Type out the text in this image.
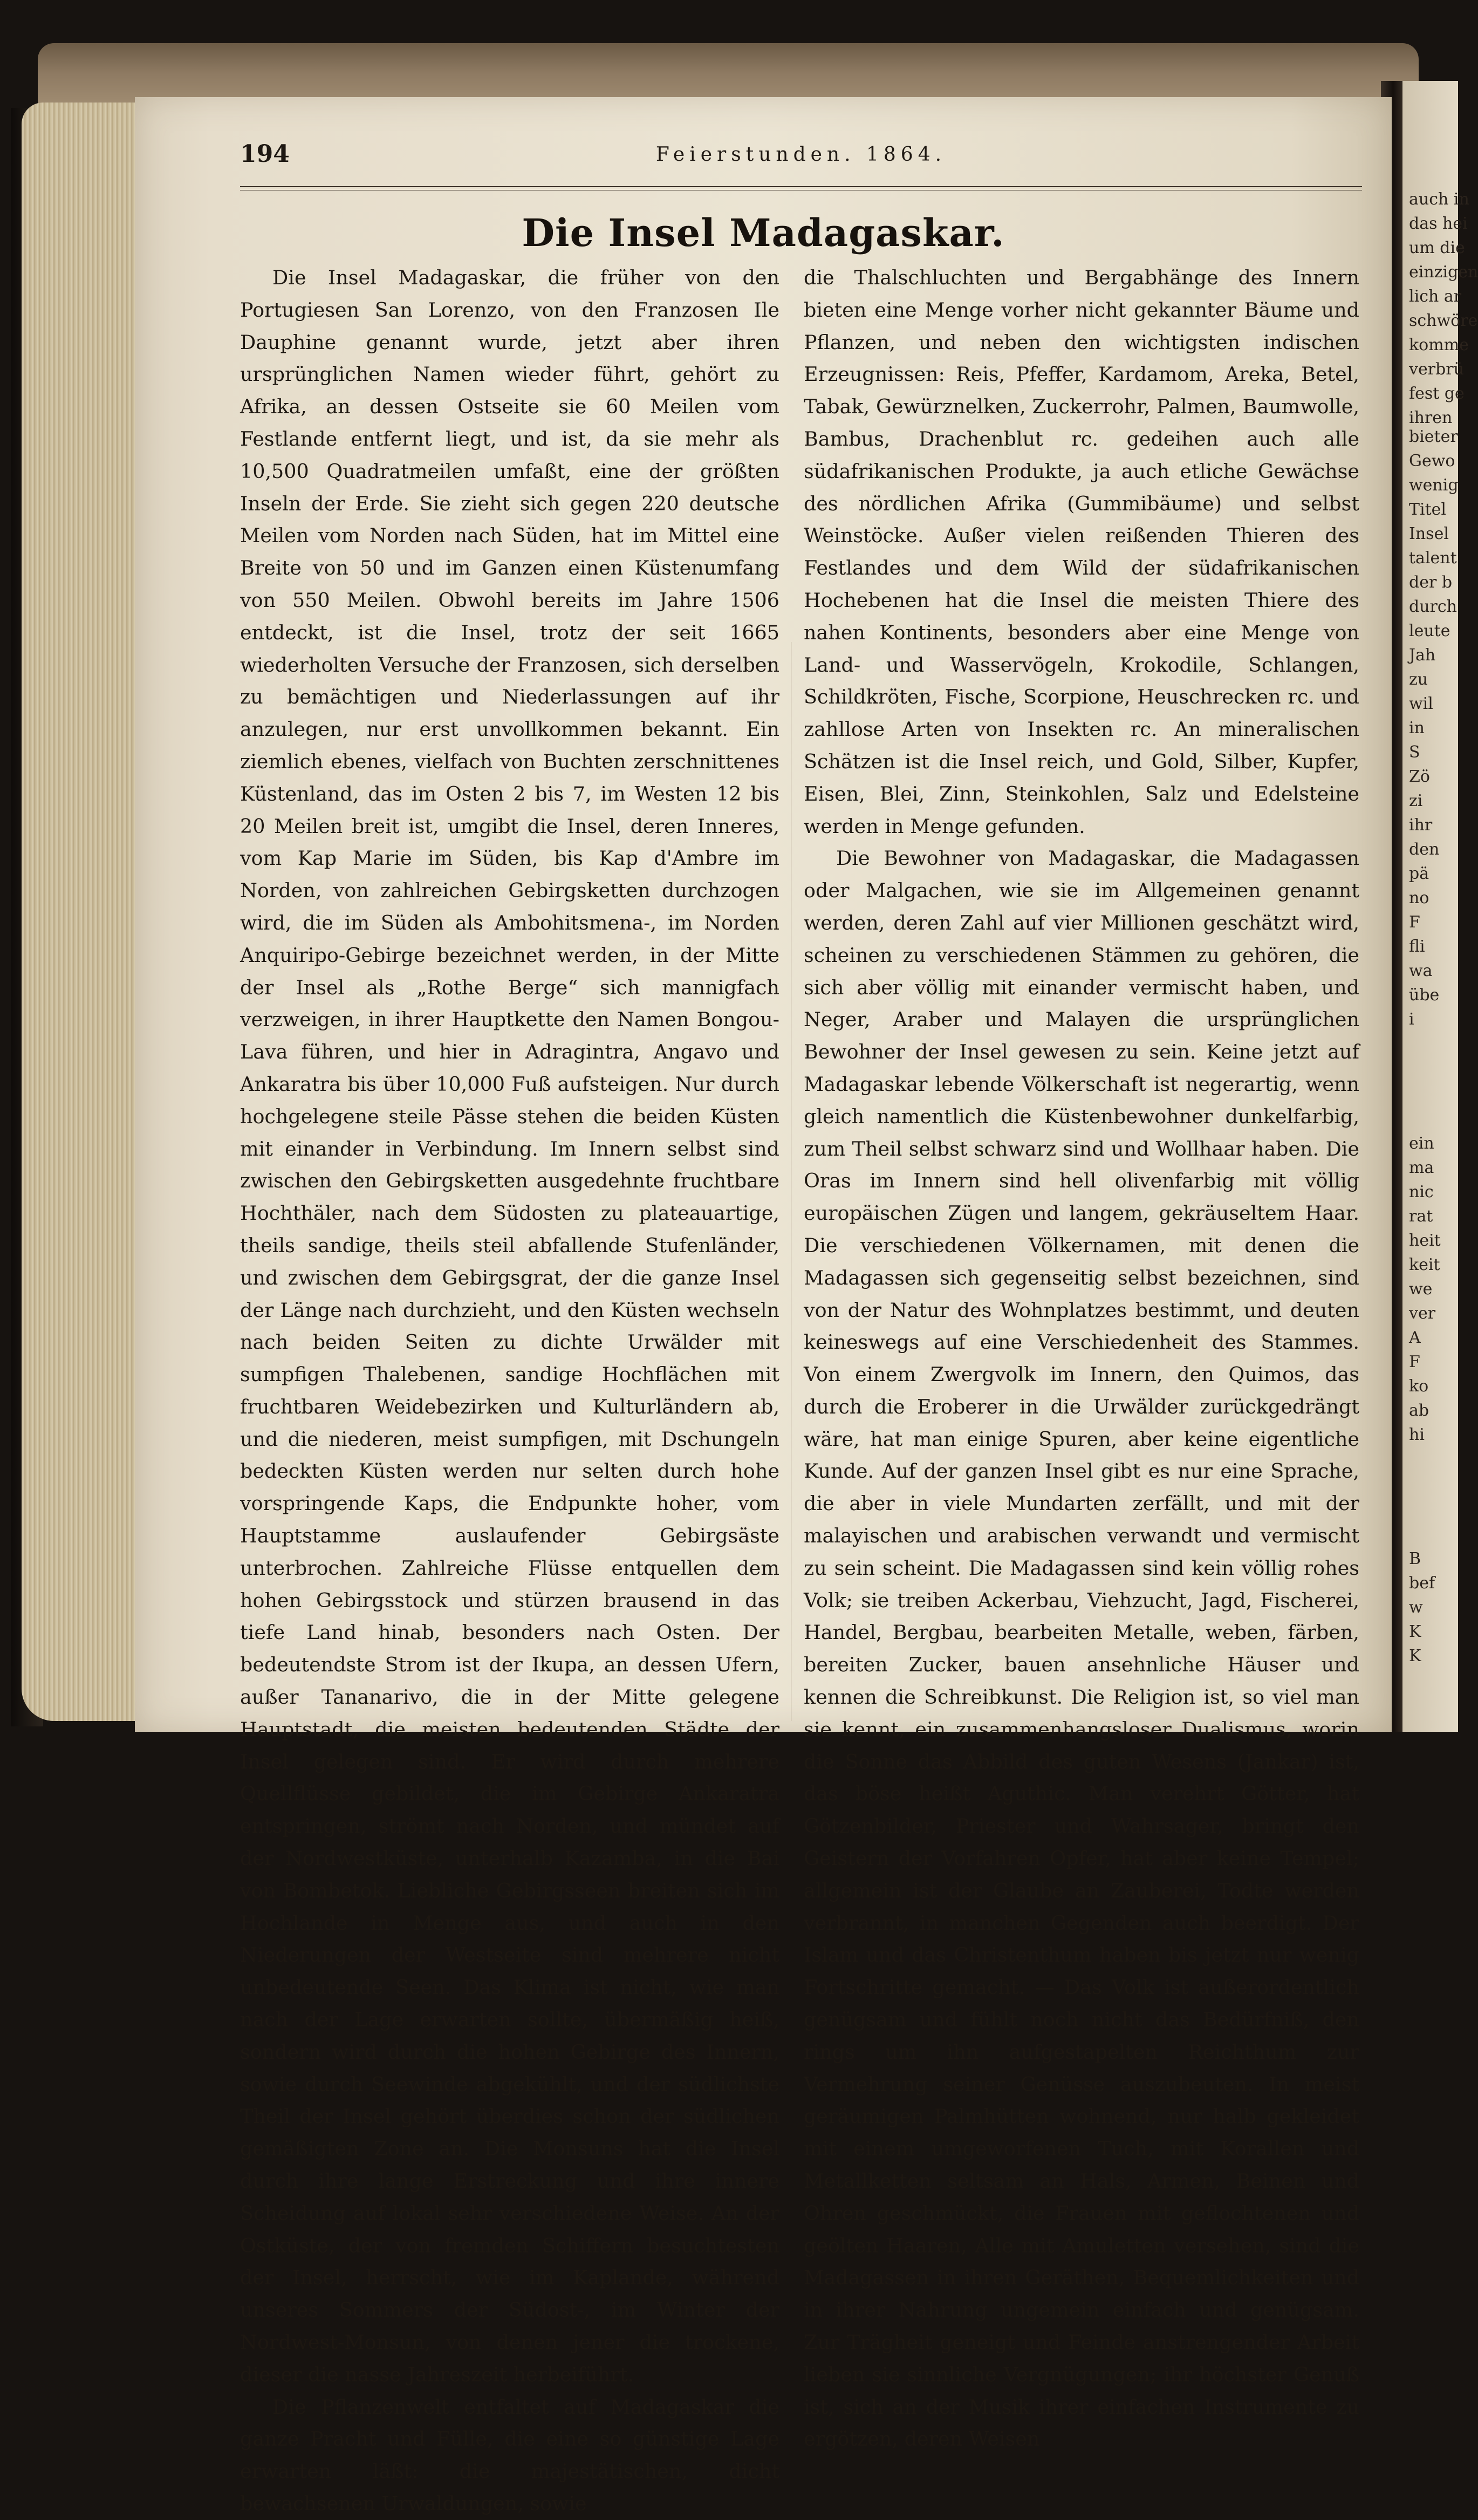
auch in
das hei
um die
einzigen
lich ar
schwöre
komme
verbrü
fest ge
ihren
bieter
Gewo
wenig
Titel
Insel
talent
der b
durch
leute
Jah
zu
wil
in
S
Zö
zi
ihr
den
pä
no
F
fli
wa
übe
i
ein
ma
nic
rat
heit
keit
we
ver
A
F
ko
ab
hi
B
bef
w
K
K
194	Feierstunden. 1864.
Die Insel Madagaskar.

Die Insel Madagaskar, die früher von den Portugiesen San Lorenzo, von den Franzosen Ile Dauphine genannt wurde, jetzt aber ihren ursprünglichen Namen wieder führt, gehört zu Afrika, an dessen Ostseite sie 60 Meilen vom Festlande entfernt liegt, und ist, da sie mehr als 10,500 Quadratmeilen umfaßt, eine der größten Inseln der Erde. Sie zieht sich gegen 220 deutsche Meilen vom Norden nach Süden, hat im Mittel eine Breite von 50 und im Ganzen einen Küstenumfang von 550 Meilen. Obwohl bereits im Jahre 1506 entdeckt, ist die Insel, trotz der seit 1665 wiederholten Versuche der Franzosen, sich derselben zu bemächtigen und Niederlassungen auf ihr anzulegen, nur erst unvollkommen bekannt. Ein ziemlich ebenes, vielfach von Buchten zerschnittenes Küstenland, das im Osten 2 bis 7, im Westen 12 bis 20 Meilen breit ist, umgibt die Insel, deren Inneres, vom Kap Marie im Süden, bis Kap d'Ambre im Norden, von zahlreichen Gebirgsketten durchzogen wird, die im Süden als Ambohitsmena-, im Norden Anquiripo-Gebirge bezeichnet werden, in der Mitte der Insel als „Rothe Berge“ sich mannigfach verzweigen, in ihrer Hauptkette den Namen Bongou-Lava führen, und hier in Adragintra, Angavo und Ankaratra bis über 10,000 Fuß aufsteigen. Nur durch hochgelegene steile Pässe stehen die beiden Küsten mit einander in Verbindung. Im Innern selbst sind zwischen den Gebirgsketten ausgedehnte fruchtbare Hochthäler, nach dem Südosten zu plateauartige, theils sandige, theils steil abfallende Stufenländer, und zwischen dem Gebirgsgrat, der die ganze Insel der Länge nach durchzieht, und den Küsten wechseln nach beiden Seiten zu dichte Urwälder mit sumpfigen Thalebenen, sandige Hochflächen mit fruchtbaren Weidebezirken und Kulturländern ab, und die niederen, meist sumpfigen, mit Dschungeln bedeckten Küsten werden nur selten durch hohe vorspringende Kaps, die Endpunkte hoher, vom Hauptstamme auslaufender Gebirgsäste unterbrochen. Zahlreiche Flüsse entquellen dem hohen Gebirgsstock und stürzen brausend in das tiefe Land hinab, besonders nach Osten. Der bedeutendste Strom ist der Ikupa, an dessen Ufern, außer Tananarivo, die in der Mitte gelegene Hauptstadt, die meisten bedeutenden Städte der Insel gelegen sind. Er wird durch mehrere Quellflüsse gebildet, die im Gebirge Ankaratra entspringen, strömt nach Norden, und mündet auf der Nordwestküste, unterhalb Kazamba, in die Bai von Bombetok. Liebliche Gebirgsseen breiten sich im Hochlande in Menge aus, und auch in den Niederungen der Westseite sind mehrere nicht unbedeutende Seen. Das Klima ist nicht, wie man nach der Lage erwarten sollte, übermäßig heiß, sondern wird durch die hohen Gebirge des Innern, sowie durch Seewinde abgekühlt, und der südlichste Theil der Insel gehört überdies schon der südlichen gemäßigten Zone an. Die Monsuns hat die Insel durch ihre lange Erstreckung und ihre innere Scheidung auf lokal sehr verschiedene Weise. An der Ostküste, der von fremden Schiffern besuchtesten der Insel, herrscht, wie im Kaplande, während unseres Sommers der Südost-, im Winter der Nordwest-Monsun, von denen jener die trockene, dieser die nasse Jahreszeit herbeiführt.

Die Pflanzenwelt entfaltet auf Madagaskar die ganze Pracht und Fülle, die eine so günstige Lage erwarten läßt: die majestätischen, dicht bewachsenen Urwaldungen, sowie

die Thalschluchten und Bergabhänge des Innern bieten eine Menge vorher nicht gekannter Bäume und Pflanzen, und neben den wichtigsten indischen Erzeugnissen: Reis, Pfeffer, Kardamom, Areka, Betel, Tabak, Gewürznelken, Zuckerrohr, Palmen, Baumwolle, Bambus, Drachenblut rc. gedeihen auch alle südafrikanischen Produkte, ja auch etliche Gewächse des nördlichen Afrika (Gummibäume) und selbst Weinstöcke. Außer vielen reißenden Thieren des Festlandes und dem Wild der südafrikanischen Hochebenen hat die Insel die meisten Thiere des nahen Kontinents, besonders aber eine Menge von Land- und Wasservögeln, Krokodile, Schlangen, Schildkröten, Fische, Scorpione, Heuschrecken rc. und zahllose Arten von Insekten rc. An mineralischen Schätzen ist die Insel reich, und Gold, Silber, Kupfer, Eisen, Blei, Zinn, Steinkohlen, Salz und Edelsteine werden in Menge gefunden.

Die Bewohner von Madagaskar, die Madagassen oder Malgachen, wie sie im Allgemeinen genannt werden, deren Zahl auf vier Millionen geschätzt wird, scheinen zu verschiedenen Stämmen zu gehören, die sich aber völlig mit einander vermischt haben, und Neger, Araber und Malayen die ursprünglichen Bewohner der Insel gewesen zu sein. Keine jetzt auf Madagaskar lebende Völkerschaft ist negerartig, wenn gleich namentlich die Küstenbewohner dunkelfarbig, zum Theil selbst schwarz sind und Wollhaar haben. Die Oras im Innern sind hell olivenfarbig mit völlig europäischen Zügen und langem, gekräuseltem Haar. Die verschiedenen Völkernamen, mit denen die Madagassen sich gegenseitig selbst bezeichnen, sind von der Natur des Wohnplatzes bestimmt, und deuten keineswegs auf eine Verschiedenheit des Stammes. Von einem Zwergvolk im Innern, den Quimos, das durch die Eroberer in die Urwälder zurückgedrängt wäre, hat man einige Spuren, aber keine eigentliche Kunde. Auf der ganzen Insel gibt es nur eine Sprache, die aber in viele Mundarten zerfällt, und mit der malayischen und arabischen verwandt und vermischt zu sein scheint. Die Madagassen sind kein völlig rohes Volk; sie treiben Ackerbau, Viehzucht, Jagd, Fischerei, Handel, Bergbau, bearbeiten Metalle, weben, färben, bereiten Zucker, bauen ansehnliche Häuser und kennen die Schreibkunst. Die Religion ist, so viel man sie kennt, ein zusammenhangsloser Dualismus, worin die Sonne das Abbild des guten Wesens (Jankar) ist, das böse heißt Aguthic. Man verehrt Götter, hat Götzenbilder, Priester und Wahrsager, bringt den Geistern der Vorfahren Opfer, hat aber keine Tempel; allgemein ist der Glaube an Zauberei, Todte werden verbrannt, in manchen Gegenden auch beerdigt. Der Islam und das Christenthum haben bis jetzt nur wenig Fortschritte gemacht. — Das Volk ist außerordentlich genügsam und fühlt noch nicht das Bedürfniß, den rings um ihn aufgestapelten Reichthum zur Vermehrung seiner Genüsse auszubeuten. In meist geräumigen Palmhütten wohnend, nur halb gekleidet mit einem umgeworfenen Tuch, mit Korallen und Metallketten seltsam an Hals, Armen, Beinen und Ohren geschmückt, die Frauen mit geflochtenen und geölten Haaren, Alle mit Amuletten versehen, sind die Madagassen in ihren Geräthen, Bequemlichkeiten und in ihrer Nahrung ungemein einfach und genügsam. Zur Trägheit geneigt und Feinde anstrengender Arbeit lieben sie sinnliche Vergnügungen; ihr höchster Genuß ist, sich an der Musik ihrer einfachen Instrumente zu ergötzen, deren Weisen
